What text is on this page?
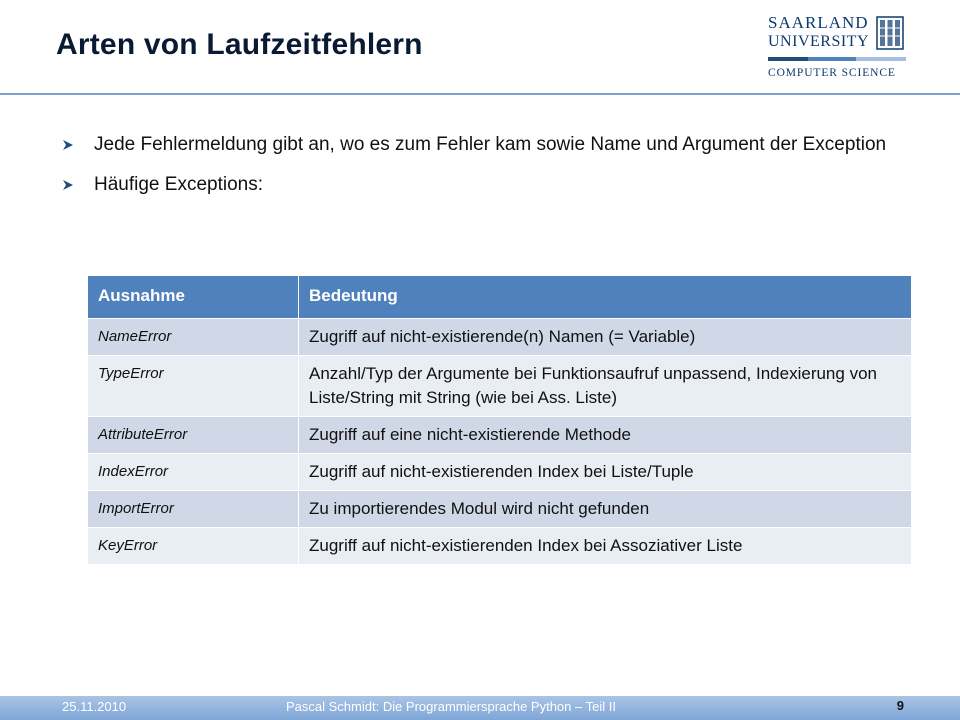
Arten von Laufzeitfehlern
SAARLAND
UNIVERSITY
COMPUTER SCIENCE
Jede Fehlermeldung gibt an, wo es zum Fehler kam sowie Name und Argument der Exception
Häufige Exceptions:
Ausnahme	Bedeutung
NameError	Zugriff auf nicht-existierende(n) Namen (= Variable)
TypeError	Anzahl/Typ der Argumente bei Funktionsaufruf unpassend, Indexierung von Liste/String mit String (wie bei Ass. Liste)
AttributeError	Zugriff auf eine nicht-existierende Methode
IndexError	Zugriff auf nicht-existierenden Index bei Liste/Tuple
ImportError	Zu importierendes Modul wird nicht gefunden
KeyError	Zugriff auf nicht-existierenden Index bei Assoziativer Liste
25.11.2010	Pascal Schmidt: Die Programmiersprache Python – Teil II	9
